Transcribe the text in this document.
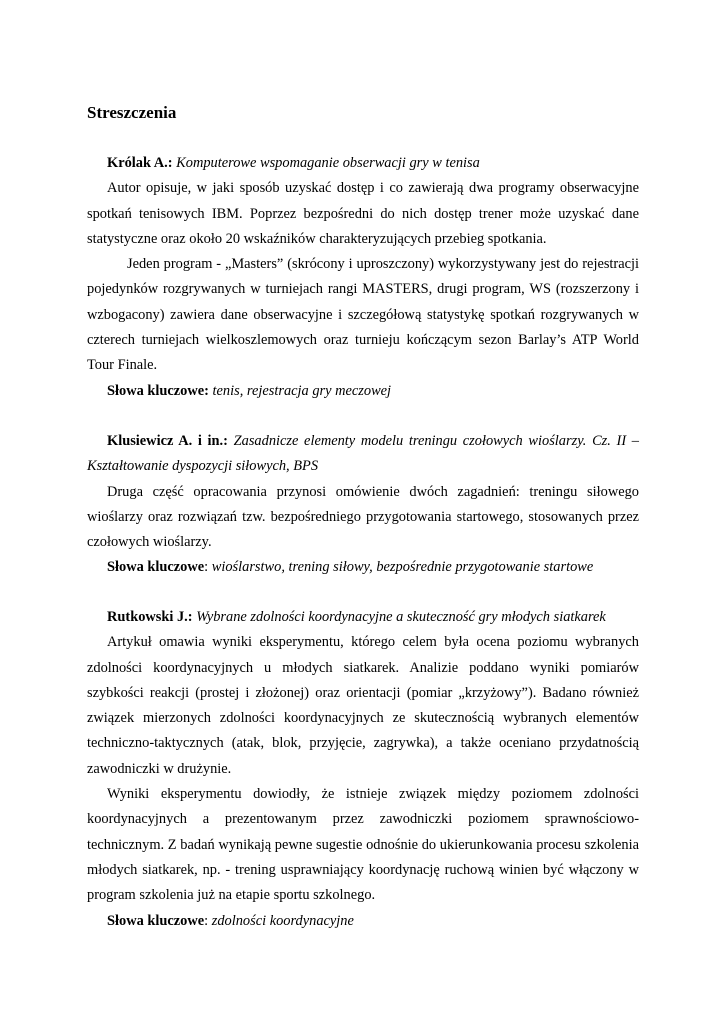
Streszczenia

Królak A.: Komputerowe wspomaganie obserwacji gry w tenisa

Autor opisuje, w jaki sposób uzyskać dostęp i co zawierają dwa programy obserwacyjne spotkań tenisowych IBM. Poprzez bezpośredni do nich dostęp trener może uzyskać dane statystyczne oraz około 20 wskaźników charakteryzujących przebieg spotkania.

Jeden program - „Masters” (skrócony i uproszczony) wykorzystywany jest do rejestracji pojedynków rozgrywanych w turniejach rangi MASTERS, drugi program, WS (rozszerzony i wzbogacony) zawiera dane obserwacyjne i szczegółową statystykę spotkań rozgrywanych w czterech turniejach wielkoszlemowych oraz turnieju kończącym sezon Barlay’s ATP World Tour Finale.

Słowa kluczowe: tenis, rejestracja gry meczowej

Klusiewicz A. i in.: Zasadnicze elementy modelu treningu czołowych wioślarzy. Cz. II – Kształtowanie dyspozycji siłowych, BPS

Druga część opracowania przynosi omówienie dwóch zagadnień: treningu siłowego wioślarzy oraz rozwiązań tzw. bezpośredniego przygotowania startowego, stosowanych przez czołowych wioślarzy.

Słowa kluczowe: wioślarstwo, trening siłowy, bezpośrednie przygotowanie startowe

Rutkowski J.: Wybrane zdolności koordynacyjne a skuteczność gry młodych siatkarek

Artykuł omawia wyniki eksperymentu, którego celem była ocena poziomu wybranych zdolności koordynacyjnych u młodych siatkarek. Analizie poddano wyniki pomiarów szybkości reakcji (prostej i złożonej) oraz orientacji (pomiar „krzyżowy”). Badano również związek mierzonych zdolności koordynacyjnych ze skutecznością wybranych elementów techniczno-taktycznych (atak, blok, przyjęcie, zagrywka), a także oceniano przydatnością zawodniczki w drużynie.

Wyniki eksperymentu dowiodły, że istnieje związek między poziomem zdolności koordynacyjnych a prezentowanym przez zawodniczki poziomem sprawnościowo-technicznym. Z badań wynikają pewne sugestie odnośnie do ukierunkowania procesu szkolenia młodych siatkarek, np. - trening usprawniający koordynację ruchową winien być włączony w program szkolenia już na etapie sportu szkolnego.

Słowa kluczowe: zdolności koordynacyjne
